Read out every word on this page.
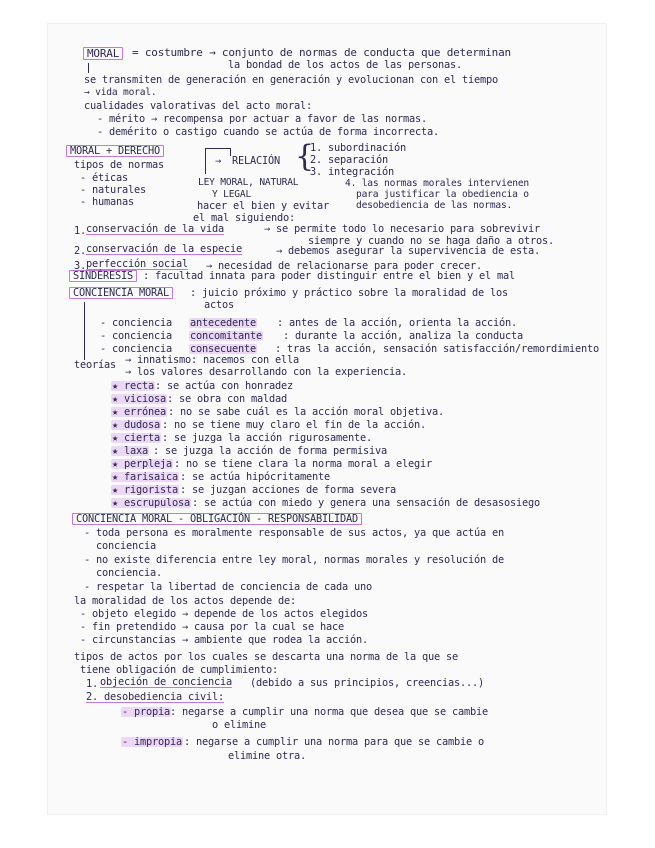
MORAL	= costumbre → conjunto de normas de conducta que determinan
la bondad de los actos de las personas.
se transmiten de generación en generación y evolucionan con el tiempo
→ vida moral.
cualidades valorativas del acto moral:
- mérito → recompensa por actuar a favor de las normas.
- demérito o castigo cuando se actúa de forma incorrecta.
MORAL + DERECHO
tipos de normas
- éticas
- naturales
- humanas
→ RELACIÓN {
1. subordinación
2. separación
3. integración
LEY MORAL, NATURAL
Y LEGAL
4. las normas morales intervienen
para justificar la obediencia o
desobediencia de las normas.
hacer el bien y evitar
el mal siguiendo:
1. conservación de la vida	→ se permite todo lo necesario para sobrevivir
siempre y cuando no se haga daño a otros.
2. conservación de la especie	→ debemos asegurar la supervivencia de esta.
3. perfección social → necesidad de relacionarse para poder crecer.
SINDÉRESIS : facultad innata para poder distinguir entre el bien y el mal
CONCIENCIA MORAL	: juicio próximo y práctico sobre la moralidad de los
actos
- conciencia antecedente : antes de la acción, orienta la acción.
- conciencia concomitante : durante la acción, analiza la conducta
- conciencia consecuente : tras la acción, sensación satisfacción/remordimiento
teorías → innatismo: nacemos con ella
→ los valores desarrollando con la experiencia.
★ recta : se actúa con honradez
★ viciosa : se obra con maldad
★ errónea : no se sabe cuál es la acción moral objetiva.
★ dudosa : no se tiene muy claro el fin de la acción.
★ cierta : se juzga la acción rigurosamente.
★ laxa : se juzga la acción de forma permisiva
★ perpleja : no se tiene clara la norma moral a elegir
★ farisaica : se actúa hipócritamente
★ rigorista : se juzgan acciones de forma severa
★ escrupulosa : se actúa con miedo y genera una sensación de desasosiego
CONCIENCIA MORAL - OBLIGACIÓN - RESPONSABILIDAD
- toda persona es moralmente responsable de sus actos, ya que actúa en
conciencia
- no existe diferencia entre ley moral, normas morales y resolución de
conciencia.
- respetar la libertad de conciencia de cada uno
la moralidad de los actos depende de:
- objeto elegido → depende de los actos elegidos
- fin pretendido → causa por la cual se hace
- circunstancias → ambiente que rodea la acción.
tipos de actos por los cuales se descarta una norma de la que se
tiene obligación de cumplimiento:
1. objeción de conciencia (debido a sus principios, creencias...)
2. desobediencia civil:
- propia : negarse a cumplir una norma que desea que se cambie
o elimine
- impropia : negarse a cumplir una norma para que se cambie o
elimine otra.
